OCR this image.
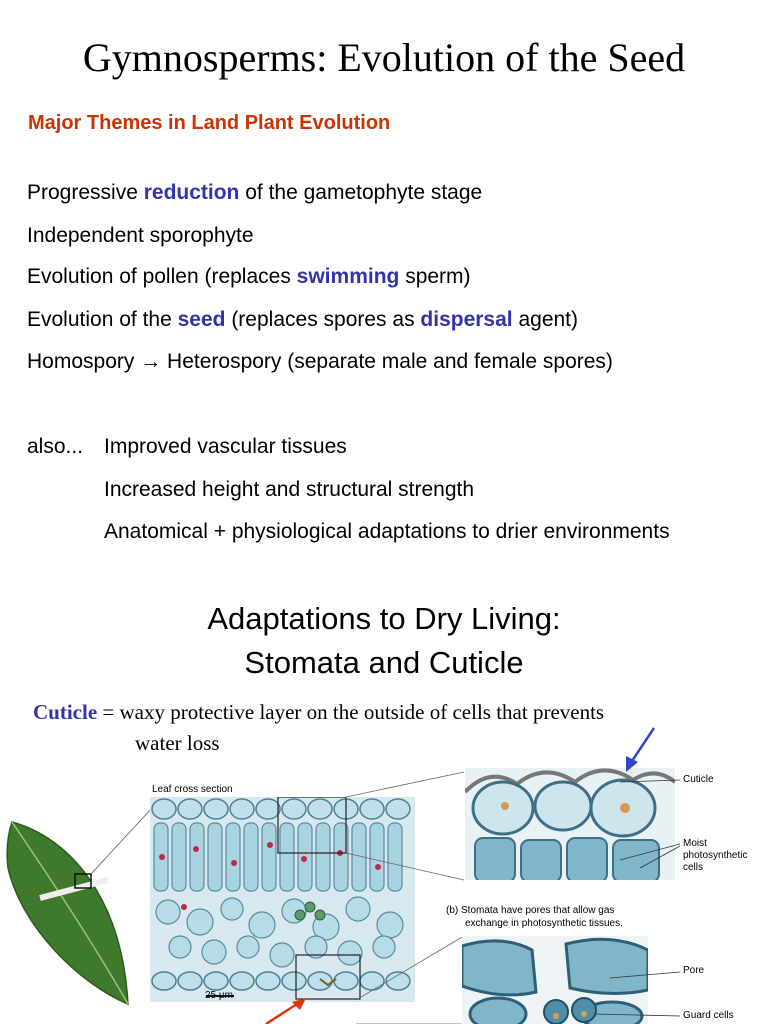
Gymnosperms: Evolution of the Seed
Major Themes in Land Plant Evolution
Progressive reduction of the gametophyte stage
Independent sporophyte
Evolution of pollen (replaces swimming sperm)
Evolution of the seed (replaces spores as dispersal agent)
Homospory → Heterospory (separate male and female spores)
also... Improved vascular tissues
Increased height and structural strength
Anatomical + physiological adaptations to drier environments
Adaptations to Dry Living:
Stomata and Cuticle
Cuticle = waxy protective layer on the outside of cells that prevents
water loss
Leaf cross section
25 µm
Cuticle
Moist
photosynthetic
cells
(b) Stomata have pores that allow gas
exchange in photosynthetic tissues.
Pore
Guard cells
